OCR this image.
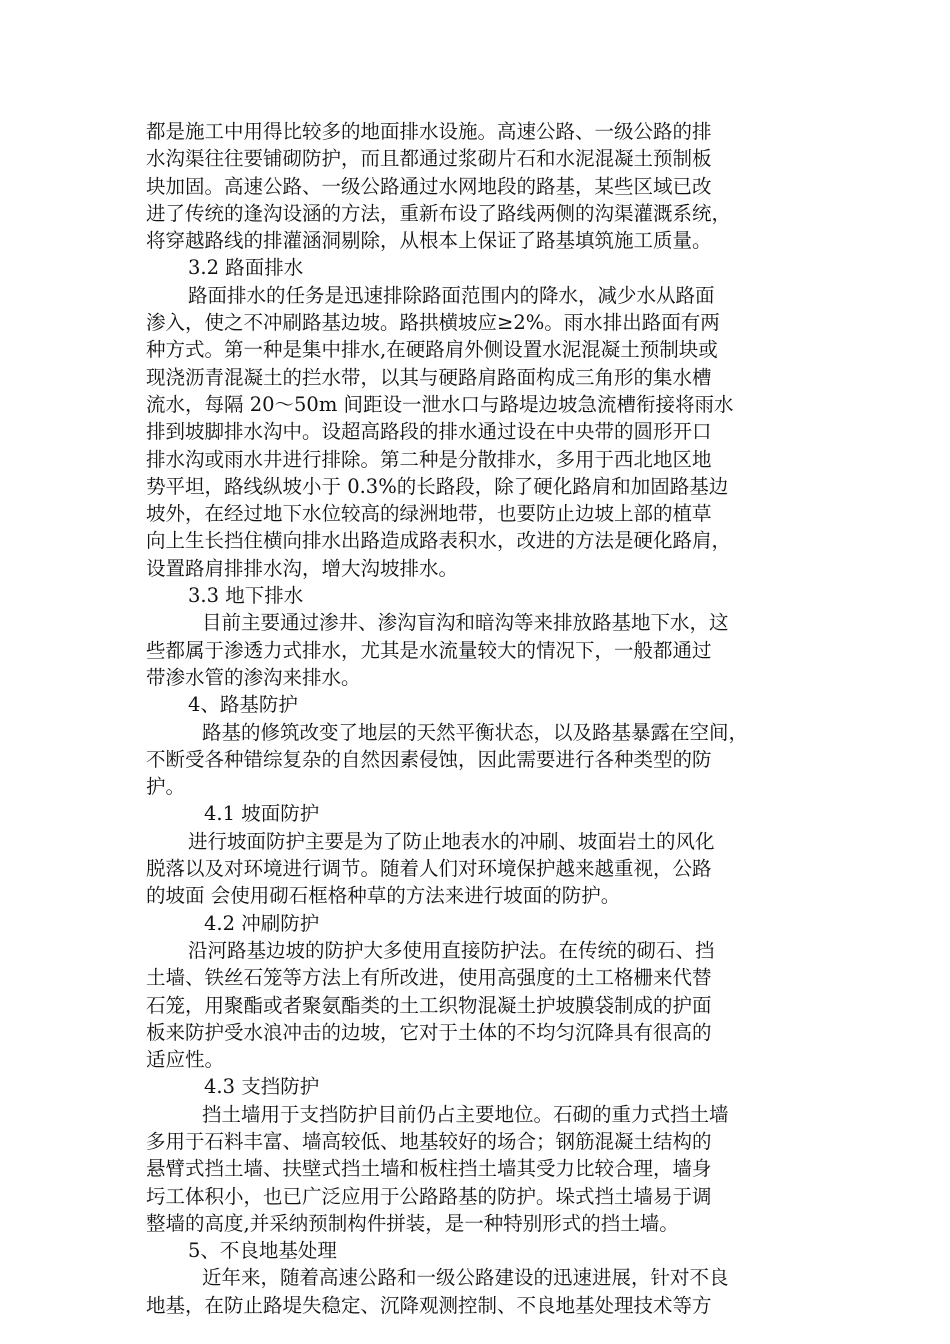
都是施工中用得比较多的地面排水设施。高速公路、一级公路的排
水沟渠往往要铺砌防护，而且都通过浆砌片石和水泥混凝土预制板
块加固。高速公路、一级公路通过水网地段的路基，某些区域已改
进了传统的逢沟设涵的方法，重新布设了路线两侧的沟渠灌溉系统，
将穿越路线的排灌涵洞剔除，从根本上保证了路基填筑施工质量。
3.2 路面排水
路面排水的任务是迅速排除路面范围内的降水，减少水从路面
渗入，使之不冲刷路基边坡。路拱横坡应≥2%。雨水排出路面有两
种方式。第一种是集中排水,在硬路肩外侧设置水泥混凝土预制块或
现浇沥青混凝土的拦水带，以其与硬路肩路面构成三角形的集水槽
流水，每隔 20～50m 间距设一泄水口与路堤边坡急流槽衔接将雨水
排到坡脚排水沟中。设超高路段的排水通过设在中央带的圆形开口
排水沟或雨水井进行排除。第二种是分散排水，多用于西北地区地
势平坦，路线纵坡小于 0.3%的长路段，除了硬化路肩和加固路基边
坡外，在经过地下水位较高的绿洲地带，也要防止边坡上部的植草
向上生长挡住横向排水出路造成路表积水，改进的方法是硬化路肩，
设置路肩排排水沟，增大沟坡排水。
3.3 地下排水
目前主要通过渗井、渗沟盲沟和暗沟等来排放路基地下水，这
些都属于渗透力式排水，尤其是水流量较大的情况下，一般都通过
带渗水管的渗沟来排水。
4、路基防护
路基的修筑改变了地层的天然平衡状态，以及路基暴露在空间，
不断受各种错综复杂的自然因素侵蚀，因此需要进行各种类型的防
护。
4.1 坡面防护
进行坡面防护主要是为了防止地表水的冲刷、坡面岩土的风化
脱落以及对环境进行调节。随着人们对环境保护越来越重视，公路
的坡面 会使用砌石框格种草的方法来进行坡面的防护。
4.2 冲刷防护
沿河路基边坡的防护大多使用直接防护法。在传统的砌石、挡
土墙、铁丝石笼等方法上有所改进，使用高强度的土工格栅来代替
石笼，用聚酯或者聚氨酯类的土工织物混凝土护坡膜袋制成的护面
板来防护受水浪冲击的边坡，它对于土体的不均匀沉降具有很高的
适应性。
4.3 支挡防护
挡土墙用于支挡防护目前仍占主要地位。石砌的重力式挡土墙
多用于石料丰富、墙高较低、地基较好的场合；钢筋混凝土结构的
悬臂式挡土墙、扶壁式挡土墙和板柱挡土墙其受力比较合理，墙身
圬工体积小，也已广泛应用于公路路基的防护。垛式挡土墙易于调
整墙的高度,并采纳预制构件拼装，是一种特别形式的挡土墙。
5、不良地基处理
近年来，随着高速公路和一级公路建设的迅速进展，针对不良
地基，在防止路堤失稳定、沉降观测控制、不良地基处理技术等方
